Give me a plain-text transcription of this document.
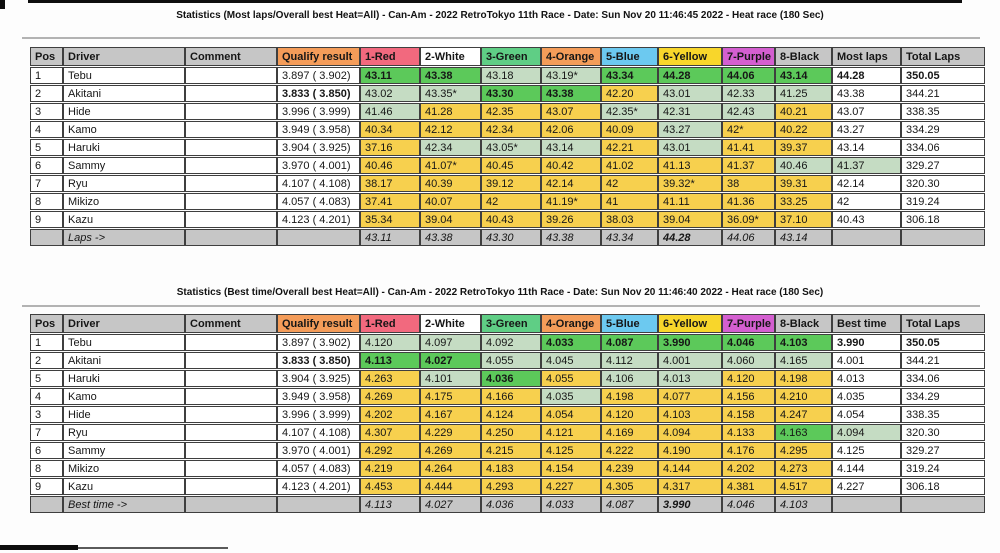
Statistics (Most laps/Overall best Heat=All) - Can-Am - 2022 RetroTokyo 11th Race - Date: Sun Nov 20 11:46:45 2022 - Heat race (180 Sec)
Pos	Driver	Comment	Qualify result	1-Red	2-White	3-Green	4-Orange	5-Blue	6-Yellow	7-Purple	8-Black	Most laps	Total Laps
1	Tebu		3.897 ( 3.902)	43.11	43.38	43.18	43.19*	43.34	44.28	44.06	43.14	44.28	350.05
2	Akitani		3.833 ( 3.850)	43.02	43.35*	43.30	43.38	42.20	43.01	42.33	41.25	43.38	344.21
3	Hide		3.996 ( 3.999)	41.46	41.28	42.35	43.07	42.35*	42.31	42.43	40.21	43.07	338.35
4	Kamo		3.949 ( 3.958)	40.34	42.12	42.34	42.06	40.09	43.27	42*	40.22	43.27	334.29
5	Haruki		3.904 ( 3.925)	37.16	42.34	43.05*	43.14	42.21	43.01	41.41	39.37	43.14	334.06
6	Sammy		3.970 ( 4.001)	40.46	41.07*	40.45	40.42	41.02	41.13	41.37	40.46	41.37	329.27
7	Ryu		4.107 ( 4.108)	38.17	40.39	39.12	42.14	42	39.32*	38	39.31	42.14	320.30
8	Mikizo		4.057 ( 4.083)	37.41	40.07	42	41.19*	41	41.11	41.36	33.25	42	319.24
9	Kazu		4.123 ( 4.201)	35.34	39.04	40.43	39.26	38.03	39.04	36.09*	37.10	40.43	306.18
	Laps ->			43.11	43.38	43.30	43.38	43.34	44.28	44.06	43.14		
Statistics (Best time/Overall best Heat=All) - Can-Am - 2022 RetroTokyo 11th Race - Date: Sun Nov 20 11:46:40 2022 - Heat race (180 Sec)
Pos	Driver	Comment	Qualify result	1-Red	2-White	3-Green	4-Orange	5-Blue	6-Yellow	7-Purple	8-Black	Best time	Total Laps
1	Tebu		3.897 ( 3.902)	4.120	4.097	4.092	4.033	4.087	3.990	4.046	4.103	3.990	350.05
2	Akitani		3.833 ( 3.850)	4.113	4.027	4.055	4.045	4.112	4.001	4.060	4.165	4.001	344.21
5	Haruki		3.904 ( 3.925)	4.263	4.101	4.036	4.055	4.106	4.013	4.120	4.198	4.013	334.06
4	Kamo		3.949 ( 3.958)	4.269	4.175	4.166	4.035	4.198	4.077	4.156	4.210	4.035	334.29
3	Hide		3.996 ( 3.999)	4.202	4.167	4.124	4.054	4.120	4.103	4.158	4.247	4.054	338.35
7	Ryu		4.107 ( 4.108)	4.307	4.229	4.250	4.121	4.169	4.094	4.133	4.163	4.094	320.30
6	Sammy		3.970 ( 4.001)	4.292	4.269	4.215	4.125	4.222	4.190	4.176	4.295	4.125	329.27
8	Mikizo		4.057 ( 4.083)	4.219	4.264	4.183	4.154	4.239	4.144	4.202	4.273	4.144	319.24
9	Kazu		4.123 ( 4.201)	4.453	4.444	4.293	4.227	4.305	4.317	4.381	4.517	4.227	306.18
	Best time ->			4.113	4.027	4.036	4.033	4.087	3.990	4.046	4.103		
